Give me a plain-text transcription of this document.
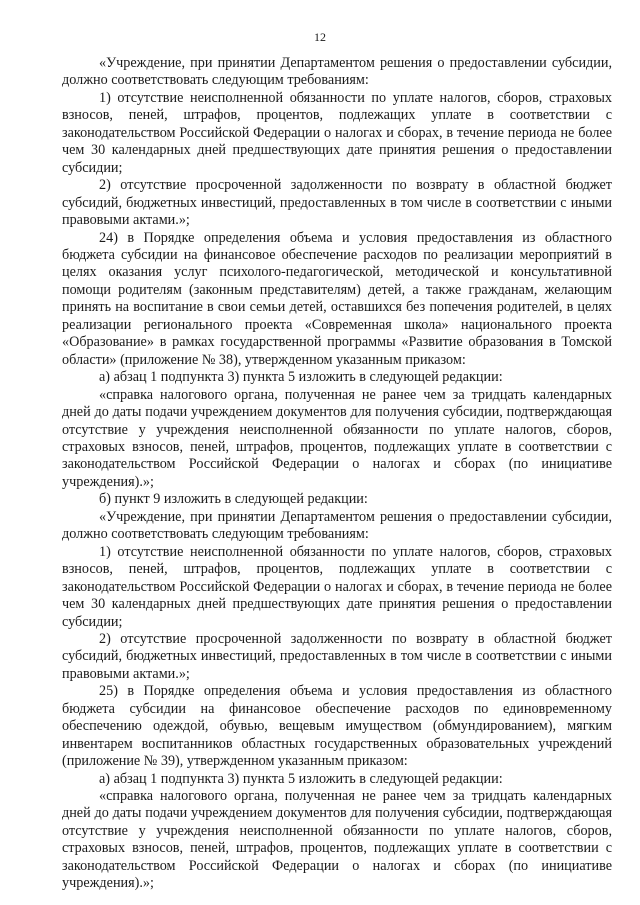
12

«Учреждение, при принятии Департаментом решения о предоставлении субсидии, должно соответствовать следующим требованиям:

1) отсутствие неисполненной обязанности по уплате налогов, сборов, страховых взносов, пеней, штрафов, процентов, подлежащих уплате в соответствии с законодательством Российской Федерации о налогах и сборах, в течение периода не более чем 30 календарных дней предшествующих дате принятия решения о предоставлении субсидии;

2) отсутствие просроченной задолженности по возврату в областной бюджет субсидий, бюджетных инвестиций, предоставленных в том числе в соответствии с иными правовыми актами.»;

24) в Порядке определения объема и условия предоставления из областного бюджета субсидии на финансовое обеспечение расходов по реализации мероприятий в целях оказания услуг психолого-педагогической, методической и консультативной помощи родителям (законным представителям) детей, а также гражданам, желающим принять на воспитание в свои семьи детей, оставшихся без попечения родителей, в целях реализации регионального проекта «Современная школа» национального проекта «Образование» в рамках государственной программы «Развитие образования в Томской области» (приложение № 38), утвержденном указанным приказом:

а) абзац 1 подпункта 3) пункта 5 изложить в следующей редакции:

«справка налогового органа, полученная не ранее чем за тридцать календарных дней до даты подачи учреждением документов для получения субсидии, подтверждающая отсутствие у учреждения неисполненной обязанности по уплате налогов, сборов, страховых взносов, пеней, штрафов, процентов, подлежащих уплате в соответствии с законодательством Российской Федерации о налогах и сборах (по инициативе учреждения).»;

б) пункт 9 изложить в следующей редакции:

«Учреждение, при принятии Департаментом решения о предоставлении субсидии, должно соответствовать следующим требованиям:

1) отсутствие неисполненной обязанности по уплате налогов, сборов, страховых взносов, пеней, штрафов, процентов, подлежащих уплате в соответствии с законодательством Российской Федерации о налогах и сборах, в течение периода не более чем 30 календарных дней предшествующих дате принятия решения о предоставлении субсидии;

2) отсутствие просроченной задолженности по возврату в областной бюджет субсидий, бюджетных инвестиций, предоставленных в том числе в соответствии с иными правовыми актами.»;

25) в Порядке определения объема и условия предоставления из областного бюджета субсидии на финансовое обеспечение расходов по единовременному обеспечению одеждой, обувью, вещевым имуществом (обмундированием), мягким инвентарем воспитанников областных государственных образовательных учреждений (приложение № 39), утвержденном указанным приказом:

а) абзац 1 подпункта 3) пункта 5 изложить в следующей редакции:

«справка налогового органа, полученная не ранее чем за тридцать календарных дней до даты подачи учреждением документов для получения субсидии, подтверждающая отсутствие у учреждения неисполненной обязанности по уплате налогов, сборов, страховых взносов, пеней, штрафов, процентов, подлежащих уплате в соответствии с законодательством Российской Федерации о налогах и сборах (по инициативе учреждения).»;
